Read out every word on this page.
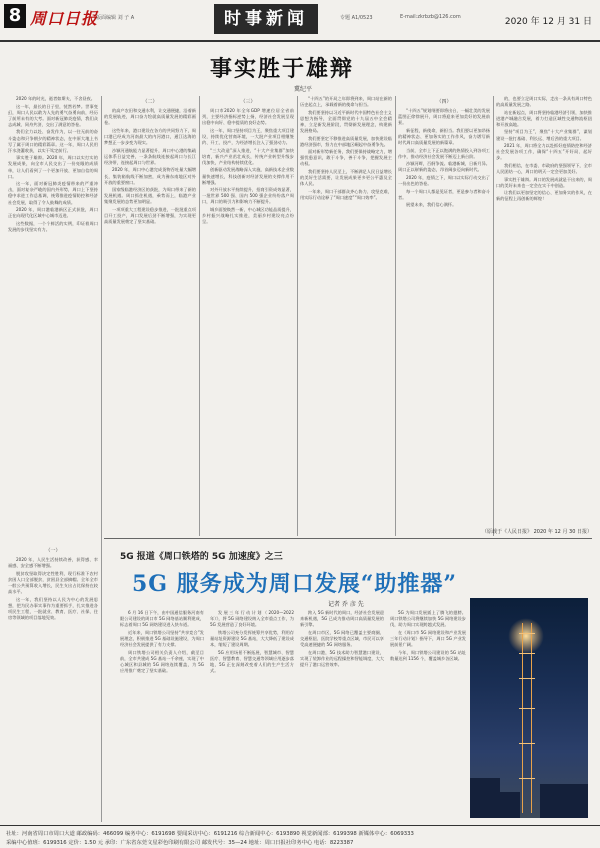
8 周口日报
版面编辑 刘 子 A	专题 A1/0523	E-mail:zkrbzb@126.com
时事新闻	2020 年 12 月 31 日
事实胜于雄辩
冀纪平

2020 年的时光，逝者如斯夫，不舍昼夜。

这一年，最长的日子里，恍然若梦。世事变幻，周口人民以敢为人先的勇气奋勇向前，经历了前所未有的大考。面对新冠肺炎疫情，我们众志成城、同舟共济，交出了满意的答卷。

我们全力以赴、奋发作为，以一往无前的奋斗姿态和只争朝夕的精神状态，在中原大地上书写了属于周口的精彩篇章。这一年，周口人民用汗水浇灌收获，以实干笃定前行。

事实胜于雄辩。2020 年，周口以实打实的发展成果，向全市人民交出了一份亮眼的成绩单，让人们看到了一个更加开放、更加自信的周口。

这一年，面对新冠肺炎疫情带来的严重冲击，面对复杂严峻的国内外形势，周口上下坚持稳中求进工作总基调，统筹推进疫情防控和经济社会发展，取得了令人鼓舞的成绩。

2020 年，周口港临港新区正式获批，周口正在向现代化区域中心城市迈进。

这些数据，一个个鲜活的实例，印证着周口发展的步伐坚实有力。

（一）

2020 年，人民生活持续改善，获得感、幸福感、安全感不断增强。

脱贫攻坚取得决定性胜利，现行标准下农村贫困人口全部脱贫，贫困县全部摘帽。全年全市一般公共预算收入增长，民生支出占比保持在较高水平。

这一年，我们坚持以人民为中心的发展思想，把为民办事实事作为重要抓手，扎实推进各项民生工程，一批就业、教育、医疗、社保、住房等领域的项目落地见效。

（二）

的高产农田和交通水利，让交通便捷，沿着新的发展轨迹，周口奋力绘就高质量发展的精彩画卷。

这些年来，港口建设在各方的共同努力下，周口港已经成为河南最大的内河港口，通江达海的梦想正一步步变为现实。

沙颍河通航能力显著提升，周口中心港的集疏运体系日益完善，一条条航线连接起周口与长江经济带，连接起周口与世界。

2020 年，周口中心港完成货物吞吐量大幅增长，集装箱航线不断加密，成为豫东南地区对外开放的重要窗口。

国家级临港经济区的获批，为周口带来了新的发展机遇。周口抓住机遇，乘势而上，临港产业集聚发展的态势更加明显。

一项项重大工程建设稳步推进，一批批重点项目开工投产，周口发展后劲不断增强，为实现更高质量发展奠定了坚实基础。

（三）

周口市2020 年全年GDP 增速位居全省前列，主要经济指标逆势上扬，经济社会发展呈现出稳中向好、稳中提质的良好态势。

这一年，周口坚持项目为王，聚焦重大项目建设，持续优化营商环境，一大批产业项目相继签约、开工、投产，为经济增长注入了强劲动力。

“三大改造”深入推进，“十大产业集群”加快培育，新兴产业茁壮成长，传统产业转型升级步伐加快，产业结构持续优化。

创新驱动发展战略深入实施，高新技术企业数量快速增长，科技创新对经济发展的支撑作用不断增强。

对外开放水平持续提升，招商引资成效显著，一批世界 500 强、国内 500 强企业纷纷落户周口，周口的吸引力和影响力不断提升。

城乡面貌焕然一新，中心城区功能品质提升，乡村振兴战略扎实推进，美丽乡村建设亮点纷呈。

“十四五”的开局之年即将到来，周口站在新的历史起点上，承载着新的使命与担当。

我们要坚持以习近平新时代中国特色社会主义思想为指导，全面贯彻党的十九届五中全会精神，立足新发展阶段，贯彻新发展理念，构建新发展格局。

我们要坚定不移推进高质量发展，加快建设临港经济强市，努力在中部地区崛起中奋勇争先。

面对新形势新任务，我们要保持战略定力，增强忧患意识，敢于斗争，善于斗争，把握发展主动权。

我们要坚持人民至上，不断满足人民日益增长的美好生活需要，让发展成果更多更公平惠及全体人民。

一年来，周口干部群众齐心协力、攻坚克难，用实际行动诠释了“周口速度”“周口效率”。

（四）

“十四五”规划纲要即将出台，一幅壮美的发展蓝图正徐徐展开，周口将迎来更加美好的发展前景。

新征程，新使命，新担当。我们要以更加昂扬的精神状态、更加务实的工作作风，奋力谱写新时代周口高质量发展的新篇章。

当前，全市上下正以饱满的热情投入到各项工作中，推动经济社会发展不断迈上新台阶。

沙颍河畔，百舸争流。临港新城，日新月异。周口正以崭新的姿态，昂首阔步迈向新时代。

2020 年，疫情之下，周口以实际行动交出了一份出色的答卷。

每一个周口人都是见证者，更是参与者和奋斗者。

展望未来，我们信心满怀。

的，也要立足周口实际，走出一条具有周口特色的高质量发展之路。

站在新起点，周口将坚持临港经济引领，加快推进港产城融合发展，着力打造区域性交通物流枢纽和开放高地。

坚持“项目为王”，聚焦“十大产业集群”，谋划建设一批打基础、利长远、增后劲的重大项目。

2021 年，周口将全力以赴抓好疫情防控和经济社会发展各项工作，确保“十四五”开好局、起好步。

我们相信，在市委、市政府的坚强领导下，全市人民团结一心，周口的明天一定会更加美好。

事实胜于雄辩。周口的发展成就是干出来的，周口的美好未来也一定会在实干中创造。

让我们以更加坚定的信心、更加务实的作风，在新的征程上再创新的辉煌！

（原载于《人民日报》 2020 年 12 月 30 日报）
5G 报道《周口铁塔的 5G 加速度》之三
5G 服务成为周口发展“助推器”
记者 乔 彦 先

6 月 16 日下午，由中国通信服务河南有限公司建设的周口市 5G 网络基站顺利建成，标志着周口 5G 网络建设进入快车道。

近年来，周口铁塔公司坚持“共享竞合”发展理念，积极推进 5G 基础设施建设，为周口经济社会发展提供了有力支撑。

周口铁塔公司相关负责人介绍，截至目前，全市共建成 5G 基站一千余座，实现了中心城区和县城的 5G 网络连续覆盖，为 5G 应用推广奠定了坚实基础。

发展三年行动计划（2020—2022 年）》，将 5G 网络建设纳入全市重点工作，为 5G 发展营造了良好环境。

铁塔公司充分发挥统筹共享优势，利用存量站址资源建设 5G 基站，大大降低了建设成本，缩短了建设周期。

5G 应用场景不断拓展，智慧城市、智慧医疗、智慧教育、智慧交通等领域应用逐步落地，5G 正在深刻改变着人们的生产生活方式。

跨入 5G 新时代的周口，经济社会发展迎来新机遇，5G 已成为推动周口高质量发展的新引擎。

在周口市区，5G 网络已覆盖主要商圈、交通枢纽、医院学校等重点区域，市民可以享受高速便捷的 5G 网络服务。

在周口港，5G 技术助力智慧港口建设，实现了装卸作业的远程操控和智能调度，大大提升了港口运营效率。

5G 为周口发展插上了腾飞的翅膀。周口铁塔公司将继续加快 5G 网络建设步伐，助力周口实现跨越式发展。

在《周口市 5G 网络建设和产业发展三年行动计划》指导下，周口 5G 产业发展前景广阔。

今年，周口铁塔公司建设的 5G 站址数量达到 1156 个，覆盖城乡各区域。

社址：河南省周口市周口大道 邮政编码：466099 编务中心：6191698 要闻采访中心：6191216 综合新闻中心：6193890 视觉新闻部：6199398 新媒体中心：6069333
采编中心值班：6199316 定价：1.50 元 承印：广东省东莞文星彩色印刷有限公司 邮发代号：35—24 地址：周口日报社印务中心 电话：8223387
